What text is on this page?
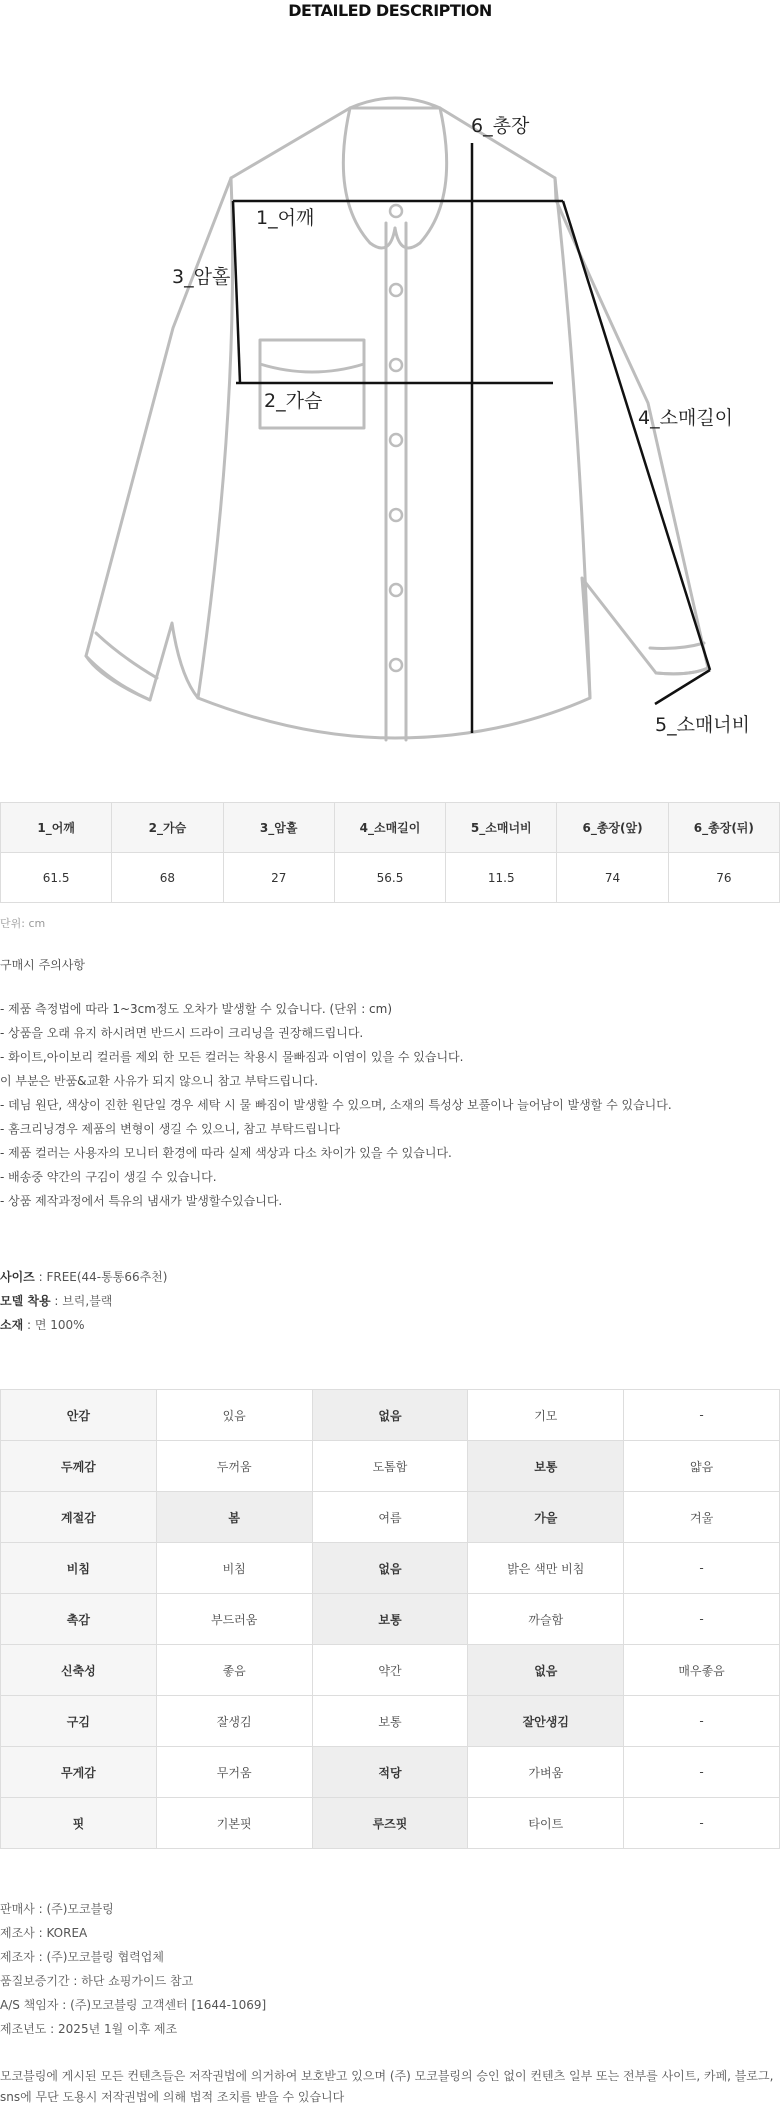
DETAILED DESCRIPTION
1_어깨
2_가슴
3_암홀
4_소매길이
5_소매너비
6_총장
1_어깨	2_가슴	3_암홀	4_소매길이	5_소매너비	6_총장(앞)	6_총장(뒤)
61.5	68	27	56.5	11.5	74	76
단위: cm
구매시 주의사항
- 제품 측정법에 따라 1~3cm정도 오차가 발생할 수 있습니다. (단위 : cm)
- 상품을 오래 유지 하시려면 반드시 드라이 크리닝을 권장해드립니다.
- 화이트,아이보리 컬러를 제외 한 모든 컬러는 착용시 물빠짐과 이염이 있을 수 있습니다.
이 부분은 반품&교환 사유가 되지 않으니 참고 부탁드립니다.
- 데님 원단, 색상이 진한 원단일 경우 세탁 시 물 빠짐이 발생할 수 있으며, 소재의 특성상 보풀이나 늘어남이 발생할 수 있습니다.
- 홈크리닝경우 제품의 변형이 생길 수 있으니, 참고 부탁드립니다
- 제품 컬러는 사용자의 모니터 환경에 따라 실제 색상과 다소 차이가 있을 수 있습니다.
- 배송중 약간의 구김이 생길 수 있습니다.
- 상품 제작과정에서 특유의 냄새가 발생할수있습니다.
사이즈 : FREE(44-통통66추천)
모델 착용 : 브릭,블랙
소재 : 면 100%
안감	있음	없음	기모	-
두께감	두꺼움	도톰함	보통	얇음
계절감	봄	여름	가을	겨울
비침	비침	없음	밝은 색만 비침	-
촉감	부드러움	보통	까슬함	-
신축성	좋음	약간	없음	매우좋음
구김	잘생김	보통	잘안생김	-
무게감	무거움	적당	가벼움	-
핏	기본핏	루즈핏	타이트	-
판매사 : (주)모코블링
제조사 : KOREA
제조자 : (주)모코블링 협력업체
품질보증기간 : 하단 쇼핑가이드 참고
A/S 책임자 : (주)모코블링 고객센터 [1644-1069]
제조년도 : 2025년 1월 이후 제조
모코블링에 게시된 모든 컨텐츠들은 저작권법에 의거하여 보호받고 있으며 (주) 모코블링의 승인 없이 컨텐츠 일부 또는 전부를 사이트, 카페, 블로그, sns에 무단 도용시 저작권법에 의해 법적 조치를 받을 수 있습니다
